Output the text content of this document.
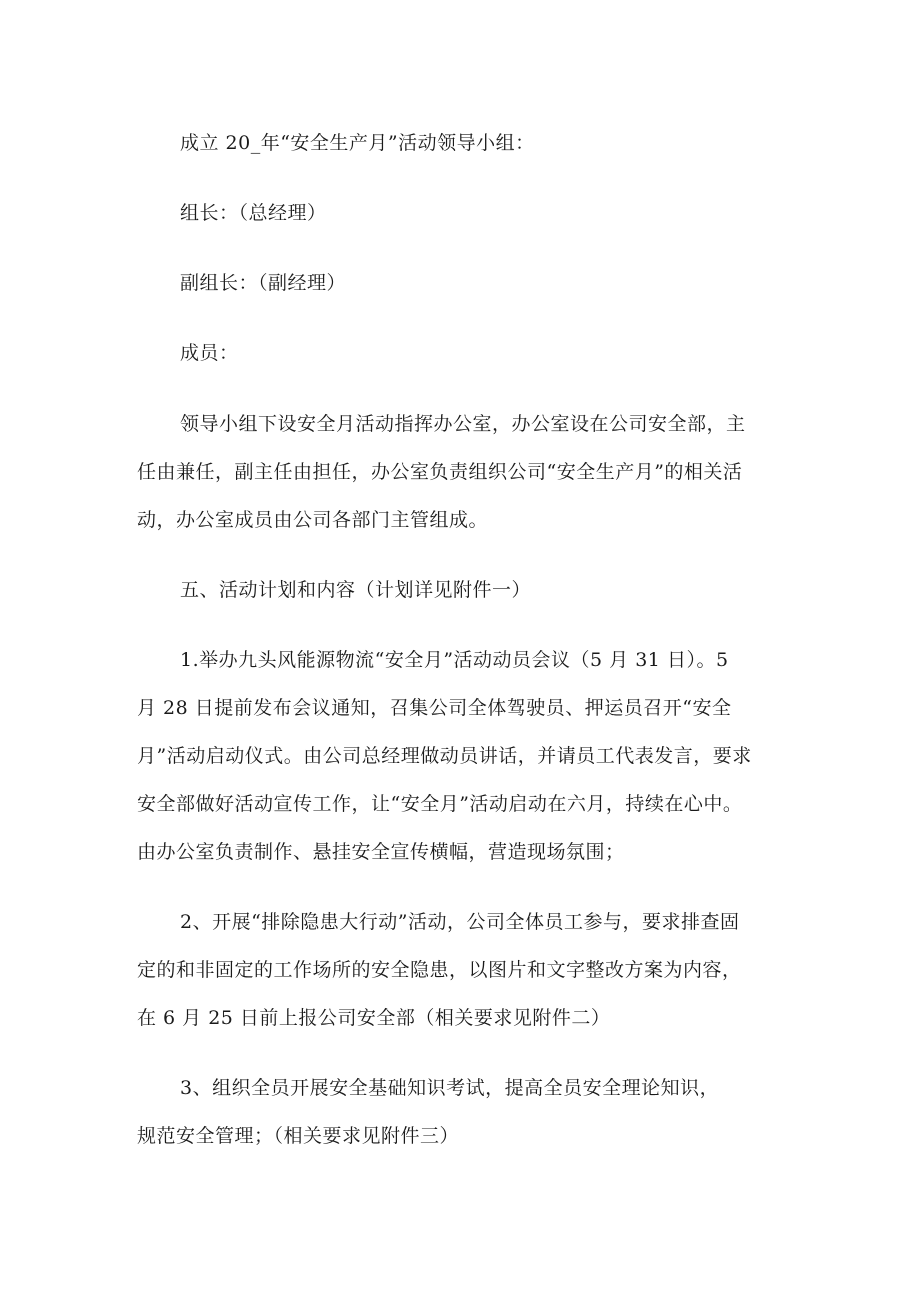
成立 20_年“安全生产月”活动领导小组：
组长：（总经理）
副组长：（副经理）
成员：
领导小组下设安全月活动指挥办公室，办公室设在公司安全部，主
任由兼任，副主任由担任，办公室负责组织公司“安全生产月”的相关活
动，办公室成员由公司各部门主管组成。
五、活动计划和内容（计划详见附件一）
1.举办九头风能源物流“安全月”活动动员会议（5 月 31 日）。5
月 28 日提前发布会议通知，召集公司全体驾驶员、押运员召开“安全
月”活动启动仪式。由公司总经理做动员讲话，并请员工代表发言，要求
安全部做好活动宣传工作，让“安全月”活动启动在六月，持续在心中。
由办公室负责制作、悬挂安全宣传横幅，营造现场氛围；
2、开展“排除隐患大行动”活动，公司全体员工参与，要求排查固
定的和非固定的工作场所的安全隐患，以图片和文字整改方案为内容，
在 6 月 25 日前上报公司安全部（相关要求见附件二）
3、组织全员开展安全基础知识考试，提高全员安全理论知识，
规范安全管理；（相关要求见附件三）
